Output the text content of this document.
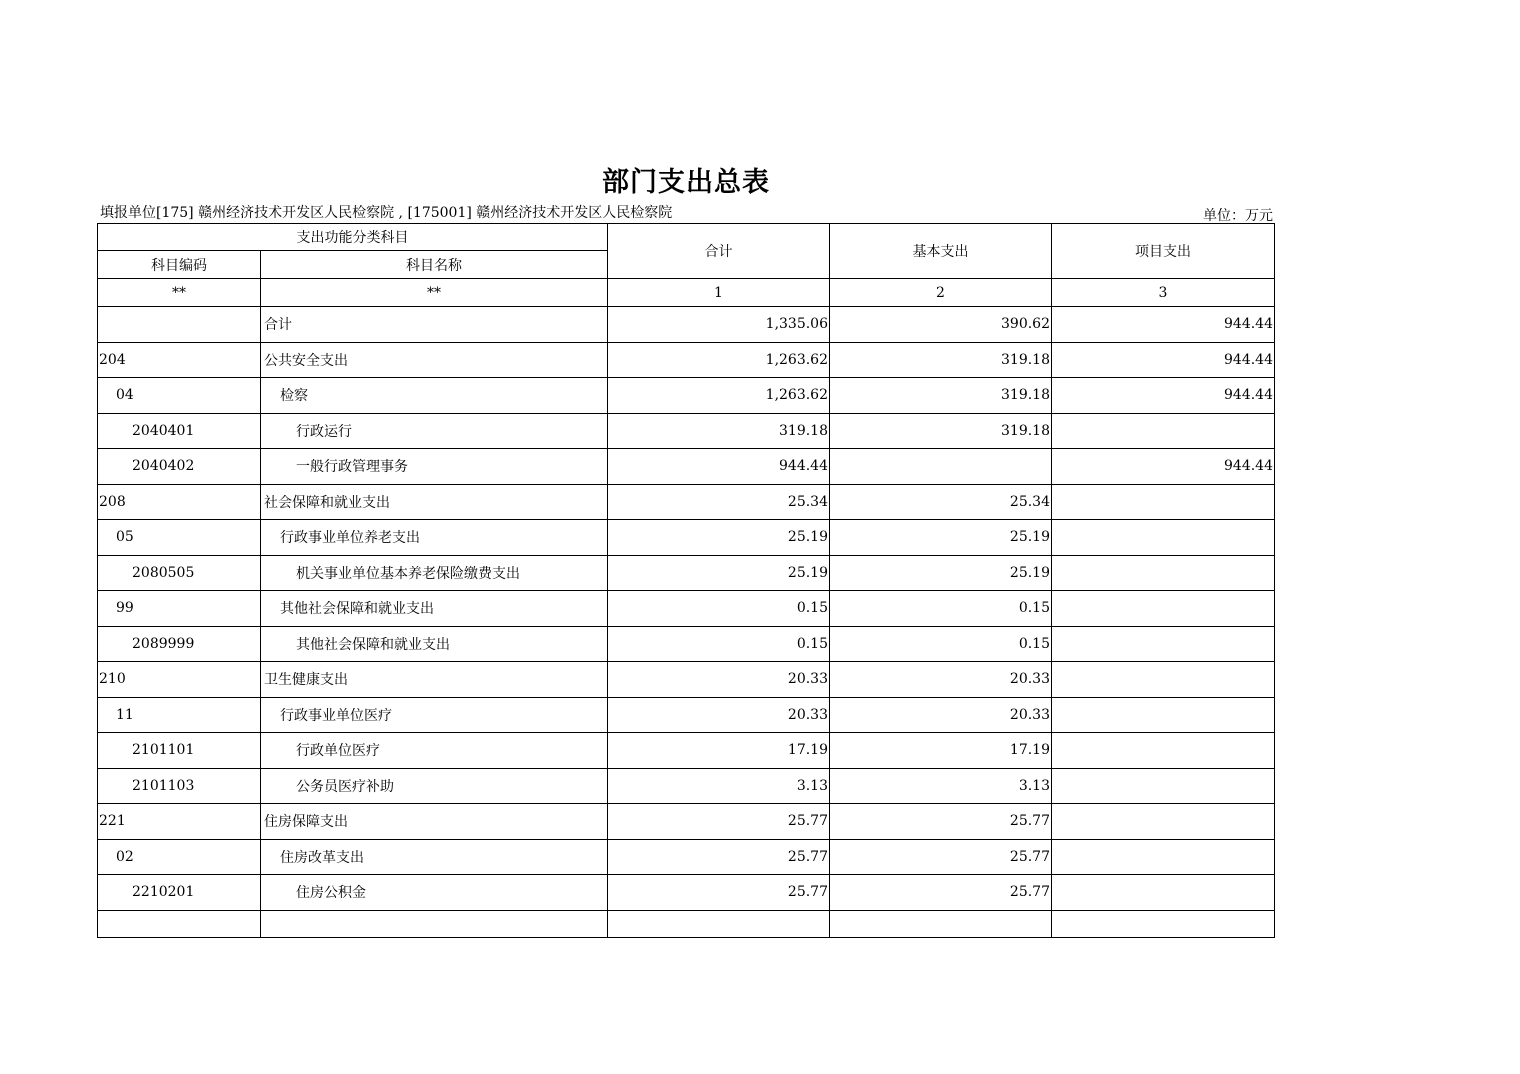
部门支出总表
填报单位[175] 赣州经济技术开发区人民检察院 , [175001] 赣州经济技术开发区人民检察院	单位：万元
支出功能分类科目		合计	基本支出	项目支出
科目编码	科目名称			
**	**	1	2	3
	合计	1,335.06	390.62	944.44
204	公共安全支出	1,263.62	319.18	944.44
04	检察	1,263.62	319.18	944.44
2040401	行政运行	319.18	319.18	
2040402	一般行政管理事务	944.44		944.44
208	社会保障和就业支出	25.34	25.34	
05	行政事业单位养老支出	25.19	25.19	
2080505	机关事业单位基本养老保险缴费支出	25.19	25.19	
99	其他社会保障和就业支出	0.15	0.15	
2089999	其他社会保障和就业支出	0.15	0.15	
210	卫生健康支出	20.33	20.33	
11	行政事业单位医疗	20.33	20.33	
2101101	行政单位医疗	17.19	17.19	
2101103	公务员医疗补助	3.13	3.13	
221	住房保障支出	25.77	25.77	
02	住房改革支出	25.77	25.77	
2210201	住房公积金	25.77	25.77	
